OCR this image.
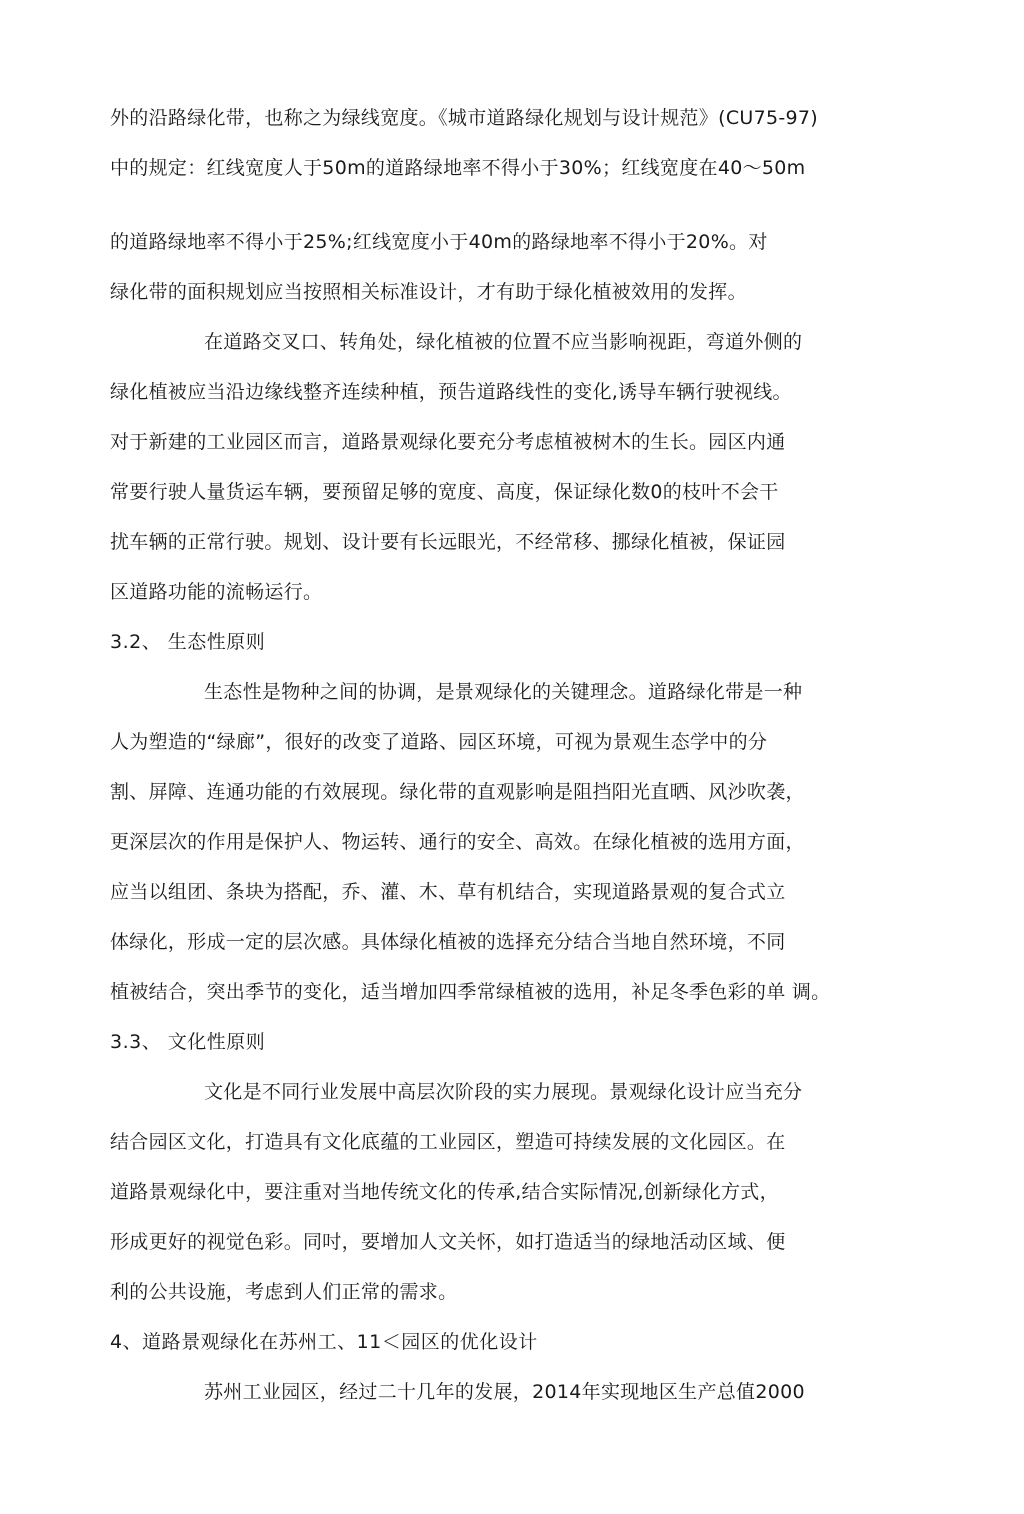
外的沿路绿化带，也称之为绿线宽度。《城市道路绿化规划与设计规范》(CU75-97)
中的规定：红线宽度人于50m的道路绿地率不得小于30%；红线宽度在40～50m
的道路绿地率不得小于25%;红线宽度小于40m的路绿地率不得小于20%。对
绿化带的面积规划应当按照相关标准设计，才有助于绿化植被效用的发挥。
在道路交叉口、转角处，绿化植被的位置不应当影响视距，弯道外侧的
绿化植被应当沿边缘线整齐连续种植，预告道路线性的变化,诱导车辆行驶视线。
对于新建的工业园区而言，道路景观绿化要充分考虑植被树木的生长。园区内通
常要行驶人量货运车辆，要预留足够的宽度、高度，保证绿化数0的枝叶不会干
扰车辆的正常行驶。规划、设计要有长远眼光，不经常移、挪绿化植被，保证园
区道路功能的流畅运行。
3.2、 生态性原则
生态性是物种之间的协调，是景观绿化的关键理念。道路绿化带是一种
人为塑造的“绿廊”，很好的改变了道路、园区环境，可视为景观生态学中的分
割、屏障、连通功能的冇效展现。绿化带的直观影响是阻挡阳光直晒、风沙吹袭，
更深层次的作用是保护人、物运转、通行的安全、高效。在绿化植被的选用方面，
应当以组团、条块为搭配，乔、灌、木、草有机结合，实现道路景观的复合式立
体绿化，形成一定的层次感。具体绿化植被的选择充分结合当地自然环境，不同
植被结合，突出季节的变化，适当增加四季常绿植被的选用，补足冬季色彩的单 调。
3.3、 文化性原则
文化是不同行业发展中高层次阶段的实力展现。景观绿化设计应当充分
结合园区文化，打造具有文化底蕴的工业园区，塑造可持续发展的文化园区。在
道路景观绿化中，要注重对当地传统文化的传承,结合实际情况,创新绿化方式，
形成更好的视觉色彩。同吋，要增加人文关怀，如打造适当的绿地活动区域、便
利的公共设施，考虑到人们正常的需求。
4、道路景观绿化在苏州工、11＜园区的优化设计
苏州工业园区，经过二十几年的发展，2014年实现地区生产总值2000
